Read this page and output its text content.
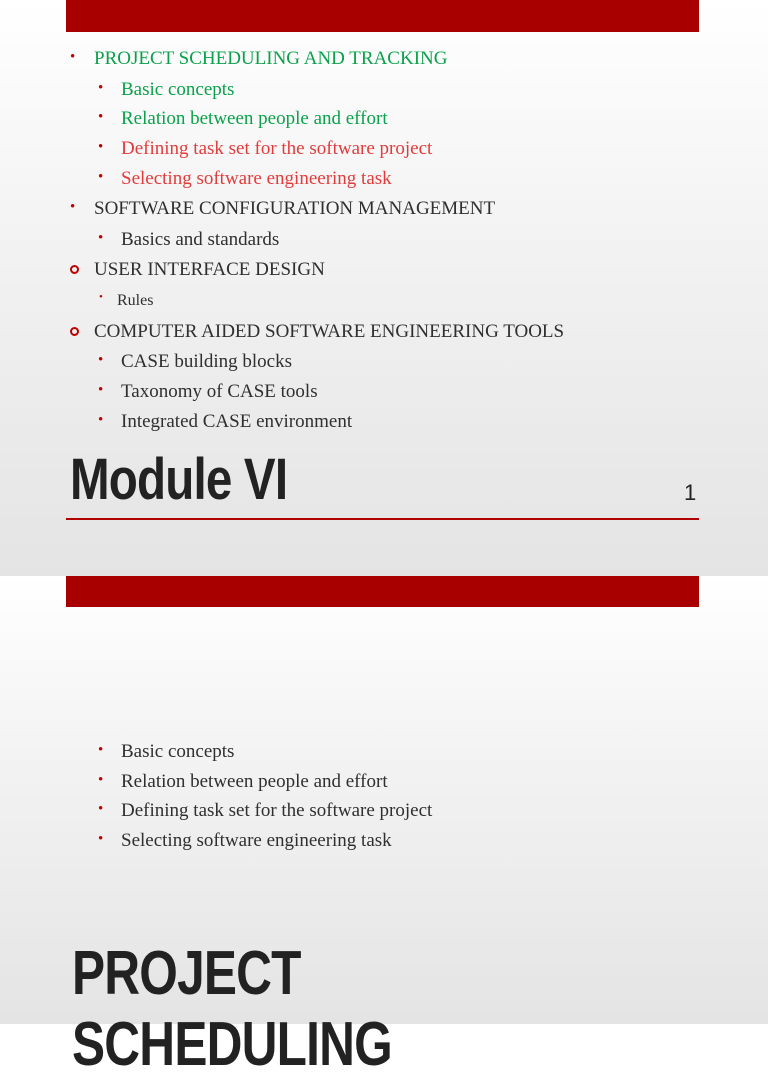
• PROJECT SCHEDULING AND TRACKING
• Basic concepts
• Relation between people and effort
• Defining task set for the software project
• Selecting software engineering task
• SOFTWARE CONFIGURATION MANAGEMENT
• Basics and standards
USER INTERFACE DESIGN
• Rules
COMPUTER AIDED SOFTWARE ENGINEERING TOOLS
• CASE building blocks
• Taxonomy of CASE tools
• Integrated CASE environment
Module VI	1
• Basic concepts
• Relation between people and effort
• Defining task set for the software project
• Selecting software engineering task
PROJECT SCHEDULING
